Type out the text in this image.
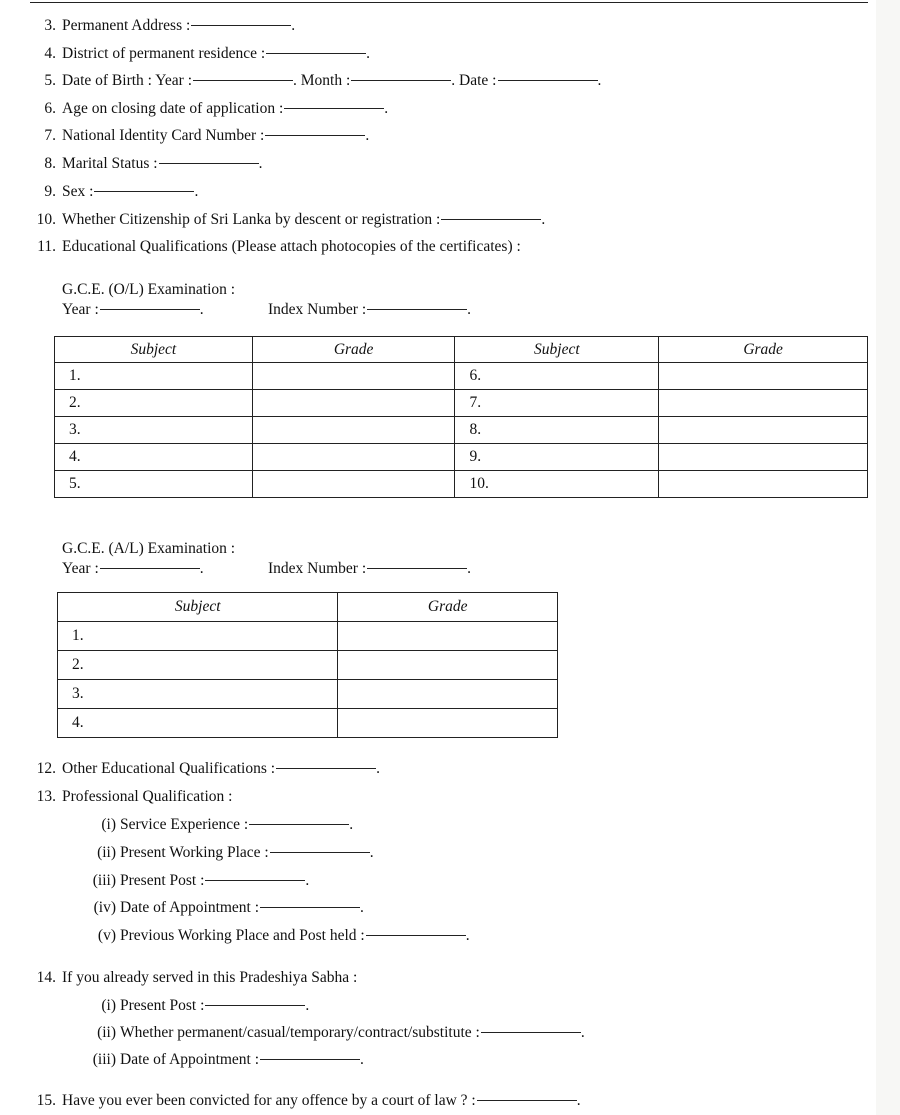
3. Permanent Address :	.
4. District of permanent residence :	.
5. Date of Birth : Year :	. Month :	. Date :	.
6. Age on closing date of application :	.
7. National Identity Card Number :	.
8. Marital Status :	.
9. Sex :	.
10. Whether Citizenship of Sri Lanka by descent or registration :	.
11. Educational Qualifications (Please attach photocopies of the certificates) :
G.C.E. (O/L) Examination :
Year :	.	Index Number :	.
Subject	Grade	Subject	Grade
1.		6.	
2.		7.	
3.		8.	
4.		9.	
5.		10.	
G.C.E. (A/L) Examination :
Year :	.	Index Number :	.
Subject	Grade
1.	
2.	
3.	
4.	
12. Other Educational Qualifications :	.
13. Professional Qualification :
(i) Service Experience :	.
(ii) Present Working Place :	.
(iii) Present Post :	.
(iv) Date of Appointment :	.
(v) Previous Working Place and Post held :	.
14. If you already served in this Pradeshiya Sabha :
(i) Present Post :	.
(ii) Whether permanent/casual/temporary/contract/substitute :	.
(iii) Date of Appointment :	.
15. Have you ever been convicted for any offence by a court of law ? :	.
